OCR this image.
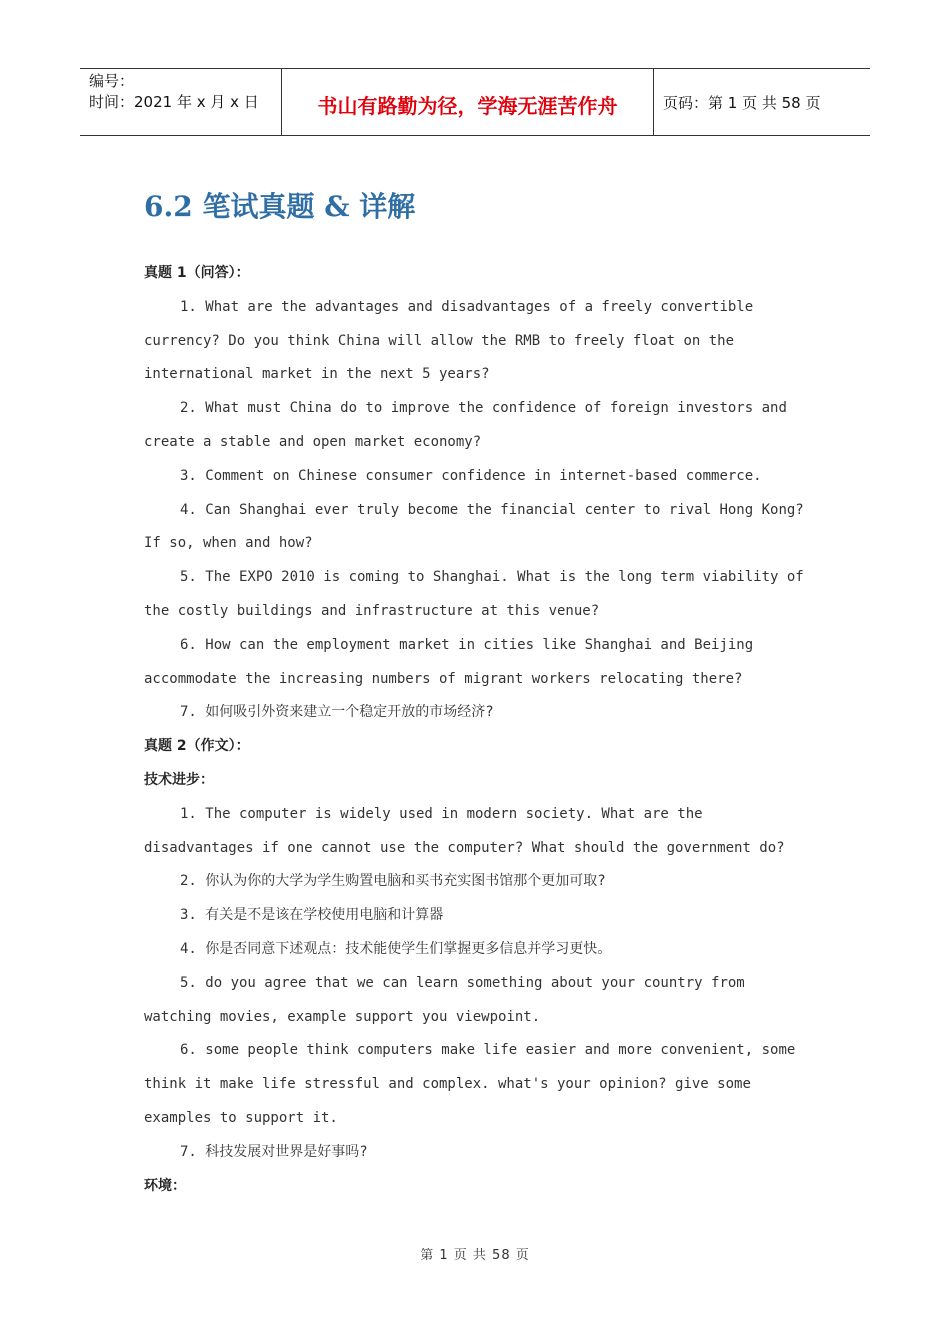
编号：
时间：2021 年 x 月 x 日	书山有路勤为径，学海无涯苦作舟	页码：第 1 页 共 58 页
6.2 笔试真题 & 详解
真题 1（问答）：
1. What are the advantages and disadvantages of a freely convertible
currency? Do you think China will allow the RMB to freely float on the
international market in the next 5 years?
2. What must China do to improve the confidence of foreign investors and
create a stable and open market economy?
3. Comment on Chinese consumer confidence in internet-based commerce.
4. Can Shanghai ever truly become the financial center to rival Hong Kong?
If so, when and how?
5. The EXPO 2010 is coming to Shanghai. What is the long term viability of
the costly buildings and infrastructure at this venue?
6. How can the employment market in cities like Shanghai and Beijing
accommodate the increasing numbers of migrant workers relocating there?
7. 如何吸引外资来建立一个稳定开放的市场经济?
真题 2（作文）：
技术进步：
1. The computer is widely used in modern society. What are the
disadvantages if one cannot use the computer? What should the government do?
2. 你认为你的大学为学生购置电脑和买书充实图书馆那个更加可取?
3. 有关是不是该在学校使用电脑和计算器
4. 你是否同意下述观点：技术能使学生们掌握更多信息并学习更快。
5. do you agree that we can learn something about your country from
watching movies, example support you viewpoint.
6. some people think computers make life easier and more convenient, some
think it make life stressful and complex. what's your opinion? give some
examples to support it.
7. 科技发展对世界是好事吗?
环境：
第 1 页 共 58 页
